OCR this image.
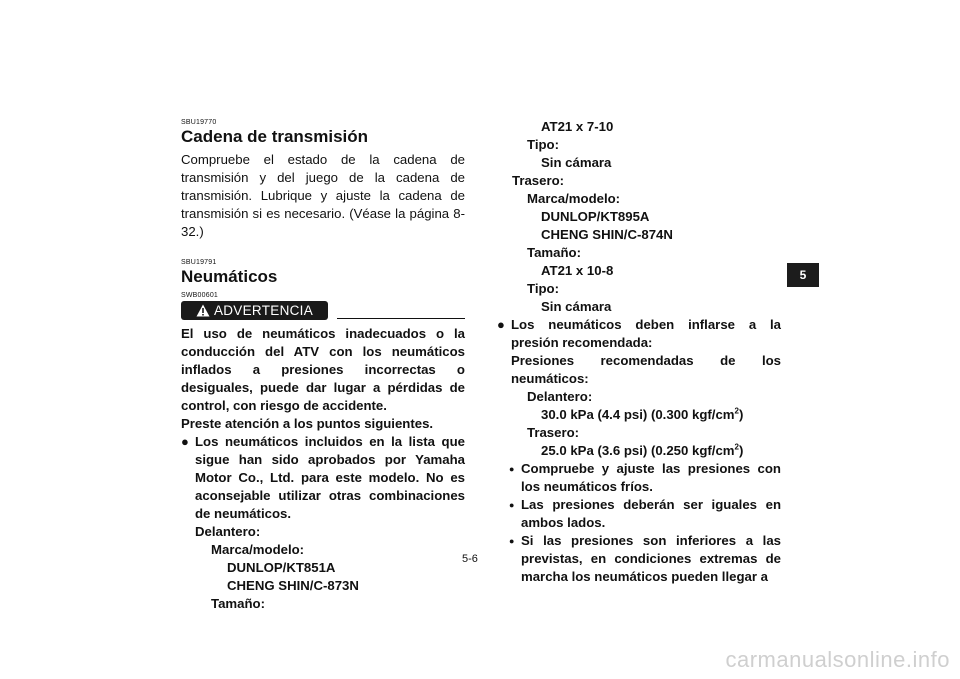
SBU19770
Cadena de transmisión
Compruebe el estado de la cadena de transmisión y del juego de la cadena de transmisión. Lubrique y ajuste la cadena de transmisión si es necesario. (Véase la página 8-32.)
SBU19791
Neumáticos
SWB00601
ADVERTENCIA
El uso de neumáticos inadecuados o la conducción del ATV con los neumáticos inflados a presiones incorrectas o desiguales, puede dar lugar a pérdidas de control, con riesgo de accidente.
Preste atención a los puntos siguientes.
● Los neumáticos incluidos en la lista que sigue han sido aprobados por Yamaha Motor Co., Ltd. para este modelo. No es aconsejable utilizar otras combinaciones de neumáticos.
Delantero:
Marca/modelo:
DUNLOP/KT851A
CHENG SHIN/C-873N
Tamaño:
AT21 x 7-10
Tipo:
Sin cámara
Trasero:
Marca/modelo:
DUNLOP/KT895A
CHENG SHIN/C-874N
Tamaño:
AT21 x 10-8
Tipo:
Sin cámara
● Los neumáticos deben inflarse a la presión recomendada:
Presiones recomendadas de los neumáticos:
Delantero:
30.0 kPa (4.4 psi) (0.300 kgf/$cm^2$)
Trasero:
25.0 kPa (3.6 psi) (0.250 kgf/$cm^2$)
● Compruebe y ajuste las presiones con los neumáticos fríos.
● Las presiones deberán ser iguales en ambos lados.
● Si las presiones son inferiores a las previstas, en condiciones extremas de marcha los neumáticos pueden llegar a
5
5-6
carmanualsonline.info
